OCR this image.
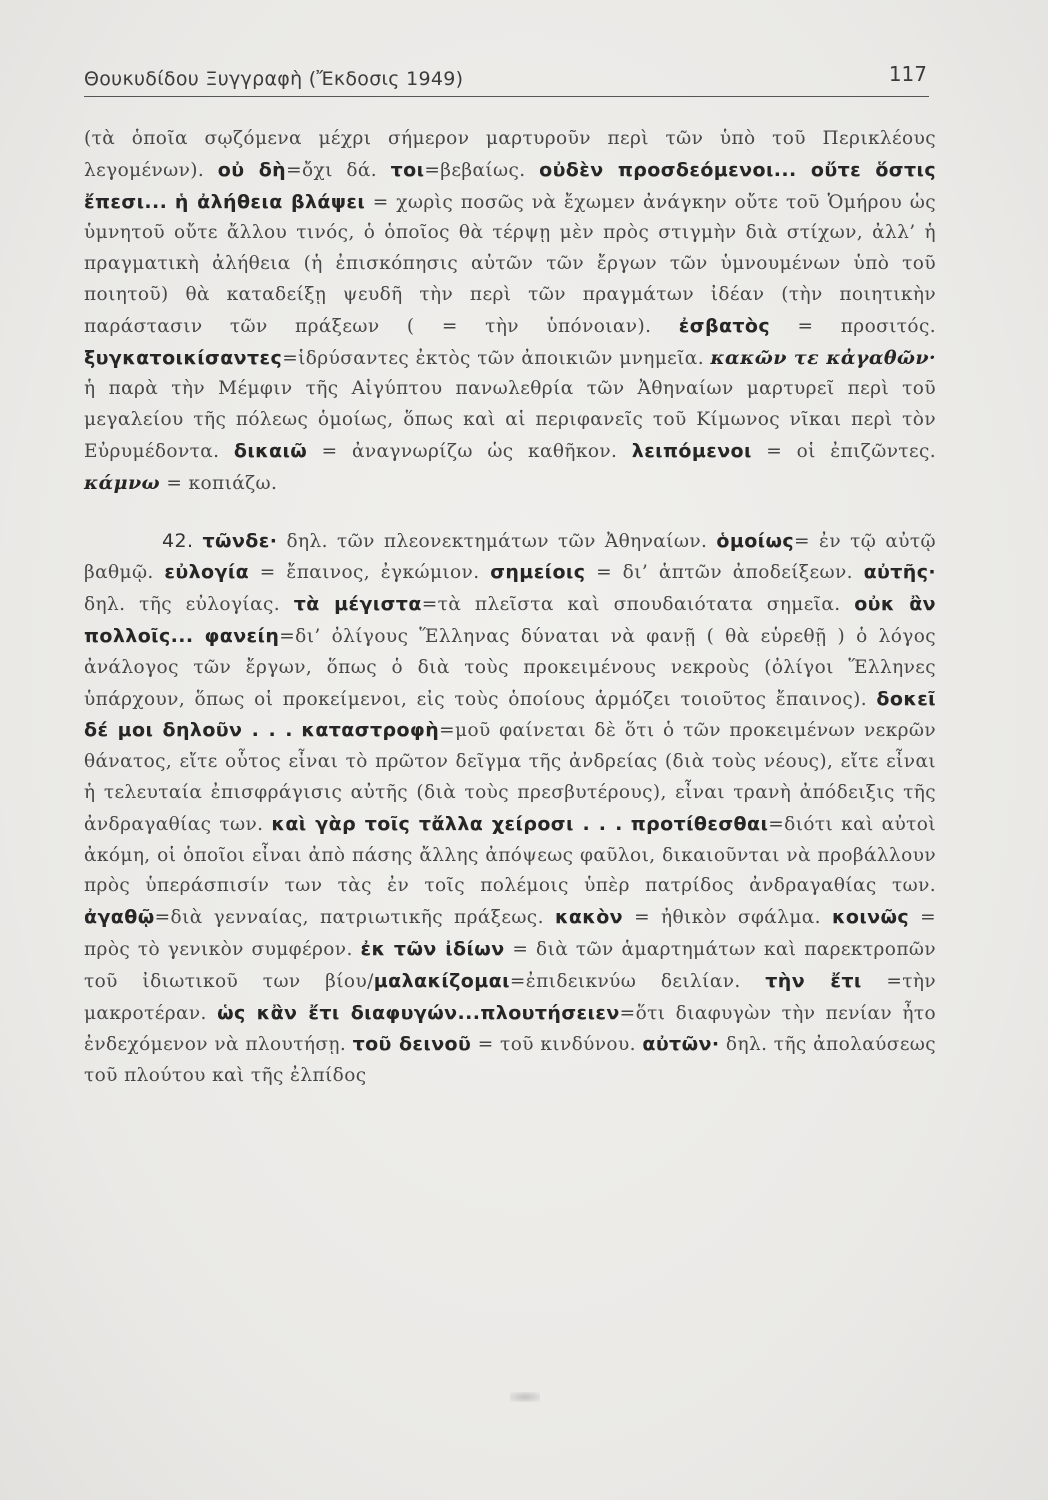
Θουκυδίδου Ξυγγραφὴ (Ἔκδοσις 1949)	117

(τὰ ὁποῖα σῳζόμενα μέχρι σήμερον μαρτυροῦν περὶ τῶν ὑπὸ τοῦ Περικλέους λεγομένων). οὐ δὴ=ὄχι δά. τοι=βεβαίως. οὐδὲν προσδεόμενοι... οὔτε ὅστις ἔπεσι... ἡ ἀλήθεια βλάψει = χωρὶς ποσῶς νὰ ἔχωμεν ἀνάγκην οὔτε τοῦ Ὁμήρου ὡς ὑμνητοῦ οὔτε ἄλλου τινός, ὁ ὁποῖος θὰ τέρψῃ μὲν πρὸς στιγμὴν διὰ στίχων, ἀλλ’ ἡ πραγματικὴ ἀλήθεια (ἡ ἐπισκόπησις αὐτῶν τῶν ἔργων τῶν ὑμνουμένων ὑπὸ τοῦ ποιητοῦ) θὰ καταδείξῃ ψευδῆ τὴν περὶ τῶν πραγμάτων ἰδέαν (τὴν ποιητικὴν παράστασιν τῶν πράξεων ( = τὴν ὑπόνοιαν). ἐσβατὸς = προσιτός. ξυγκατοικίσαντες=ἱδρύσαντες ἐκτὸς τῶν ἀποικιῶν μνημεῖα. κακῶν τε κἀγαθῶν· ἡ παρὰ τὴν Μέμφιν τῆς Αἰγύπτου πανωλεθρία τῶν Ἀθηναίων μαρτυρεῖ περὶ τοῦ μεγαλείου τῆς πόλεως ὁμοίως, ὅπως καὶ αἱ περιφανεῖς τοῦ Κίμωνος νῖκαι περὶ τὸν Εὐρυμέδοντα. δικαιῶ = ἀναγνωρίζω ὡς καθῆκον. λειπόμενοι = οἱ ἐπιζῶντες. κάμνω = κοπιάζω.

42. τῶνδε· δηλ. τῶν πλεονεκτημάτων τῶν Ἀθηναίων. ὁμοίως= ἐν τῷ αὐτῷ βαθμῷ. εὐλογία = ἔπαινος, ἐγκώμιον. σημείοις = δι’ ἁπτῶν ἀποδείξεων. αὐτῆς· δηλ. τῆς εὐλογίας. τὰ μέγιστα=τὰ πλεῖστα καὶ σπουδαιότατα σημεῖα. οὐκ ἂν πολλοῖς... φανείη=δι’ ὀλίγους Ἕλληνας δύναται νὰ φανῇ ( θὰ εὑρεθῇ ) ὁ λόγος ἀνάλογος τῶν ἔργων, ὅπως ὁ διὰ τοὺς προκειμένους νεκροὺς (ὀλίγοι Ἕλληνες ὑπάρχουν, ὅπως οἱ προκείμενοι, εἰς τοὺς ὁποίους ἁρμόζει τοιοῦτος ἔπαινος). δοκεῖ δέ μοι δηλοῦν . . . καταστροφὴ=μοῦ φαίνεται δὲ ὅτι ὁ τῶν προκειμένων νεκρῶν θάνατος, εἴτε οὗτος εἶναι τὸ πρῶτον δεῖγμα τῆς ἀνδρείας (διὰ τοὺς νέους), εἴτε εἶναι ἡ τελευταία ἐπισφράγισις αὐτῆς (διὰ τοὺς πρεσβυτέρους), εἶναι τρανὴ ἀπόδειξις τῆς ἀνδραγαθίας των. καὶ γὰρ τοῖς τἄλλα χείροσι . . . προτίθεσθαι=διότι καὶ αὐτοὶ ἀκόμη, οἱ ὁποῖοι εἶναι ἀπὸ πάσης ἄλλης ἀπόψεως φαῦλοι, δικαιοῦνται νὰ προβάλλουν πρὸς ὑπεράσπισίν των τὰς ἐν τοῖς πολέμοις ὑπὲρ πατρίδος ἀνδραγαθίας των. ἀγαθῷ=διὰ γενναίας, πατριωτικῆς πράξεως. κακὸν = ἠθικὸν σφάλμα. κοινῶς = πρὸς τὸ γενικὸν συμφέρον. ἐκ τῶν ἰδίων = διὰ τῶν ἁμαρτημάτων καὶ παρεκτροπῶν τοῦ ἰδιωτικοῦ των βίου/μαλακίζομαι=ἐπιδεικνύω δειλίαν. τὴν ἔτι =τὴν μακροτέραν. ὡς κἂν ἔτι διαφυγών...πλουτήσειεν=ὅτι διαφυγὼν τὴν πενίαν ἦτο ἐνδεχόμενον νὰ πλουτήσῃ. τοῦ δεινοῦ = τοῦ κινδύνου. αὐτῶν· δηλ. τῆς ἀπολαύσεως τοῦ πλούτου καὶ τῆς ἐλπίδος
